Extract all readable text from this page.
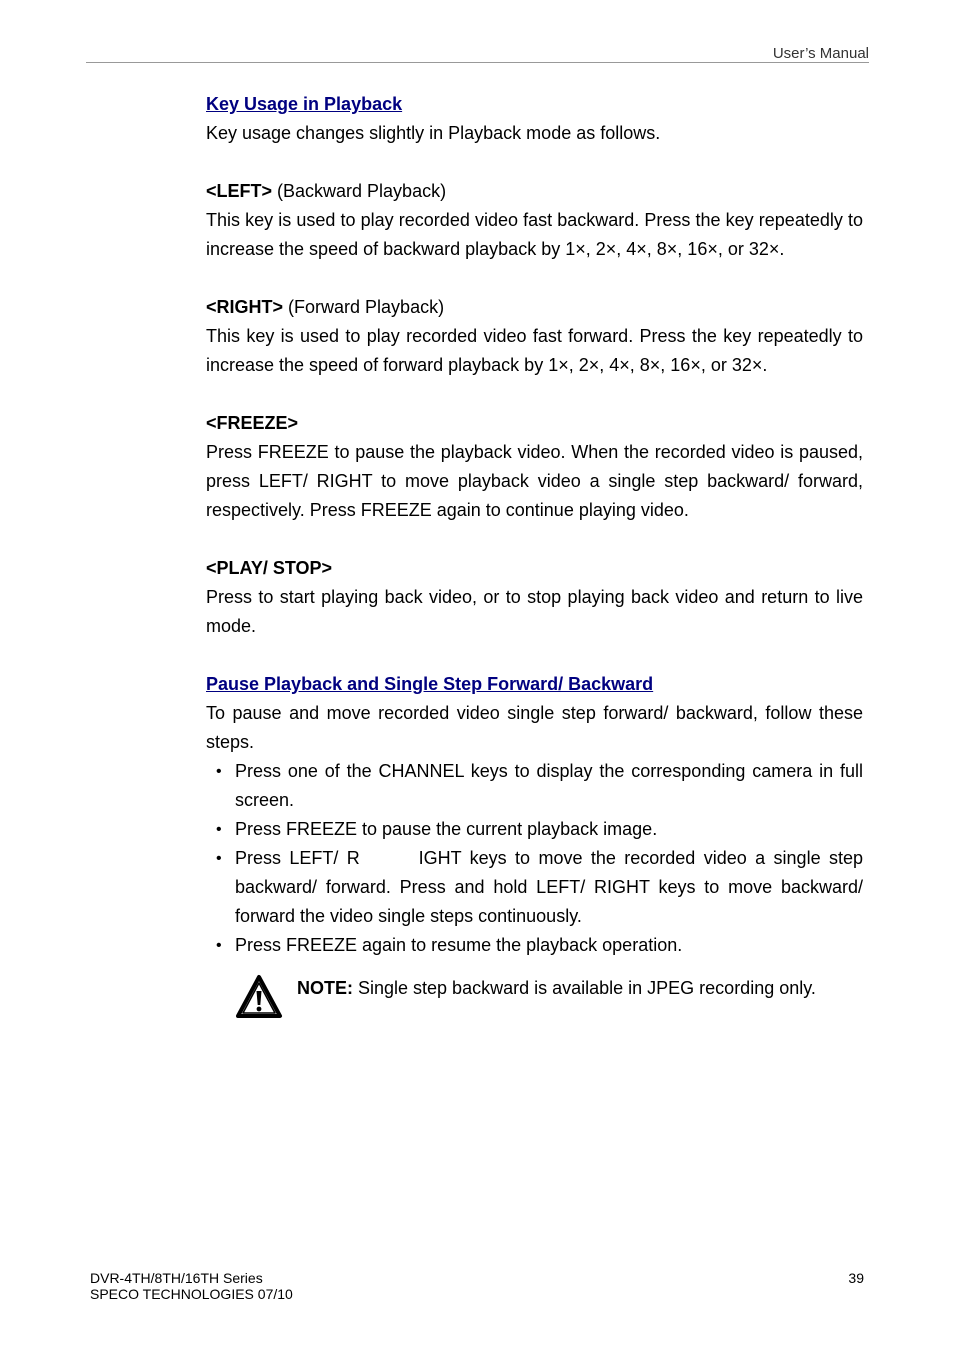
User’s Manual
Key Usage in Playback

Key usage changes slightly in Playback mode as follows.

<LEFT> (Backward Playback)

This key is used to play recorded video fast backward. Press the key repeatedly to increase the speed of backward playback by 1×, 2×, 4×, 8×, 16×, or 32×.

<RIGHT> (Forward Playback)

This key is used to play recorded video fast forward. Press the key repeatedly to increase the speed of forward playback by 1×, 2×, 4×, 8×, 16×, or 32×.

<FREEZE>

Press FREEZE to pause the playback video. When the recorded video is paused, press LEFT/ RIGHT to move playback video a single step backward/ forward, respectively. Press FREEZE again to continue playing video.

<PLAY/ STOP>

Press to start playing back video, or to stop playing back video and return to live mode.

Pause Playback and Single Step Forward/ Backward

To pause and move recorded video single step forward/ backward, follow these steps.

• Press one of the CHANNEL keys to display the corresponding camera in full screen.
• Press FREEZE to pause the current playback image.
• Press LEFT/ R       IGHT keys to move the recorded video a single step backward/ forward. Press and hold LEFT/ RIGHT keys to move backward/ forward the video single steps continuously.
• Press FREEZE again to resume the playback operation.

NOTE: Single step backward is available in JPEG recording only.

DVR-4TH/8TH/16TH Series
SPECO TECHNOLOGIES 07/10
39
